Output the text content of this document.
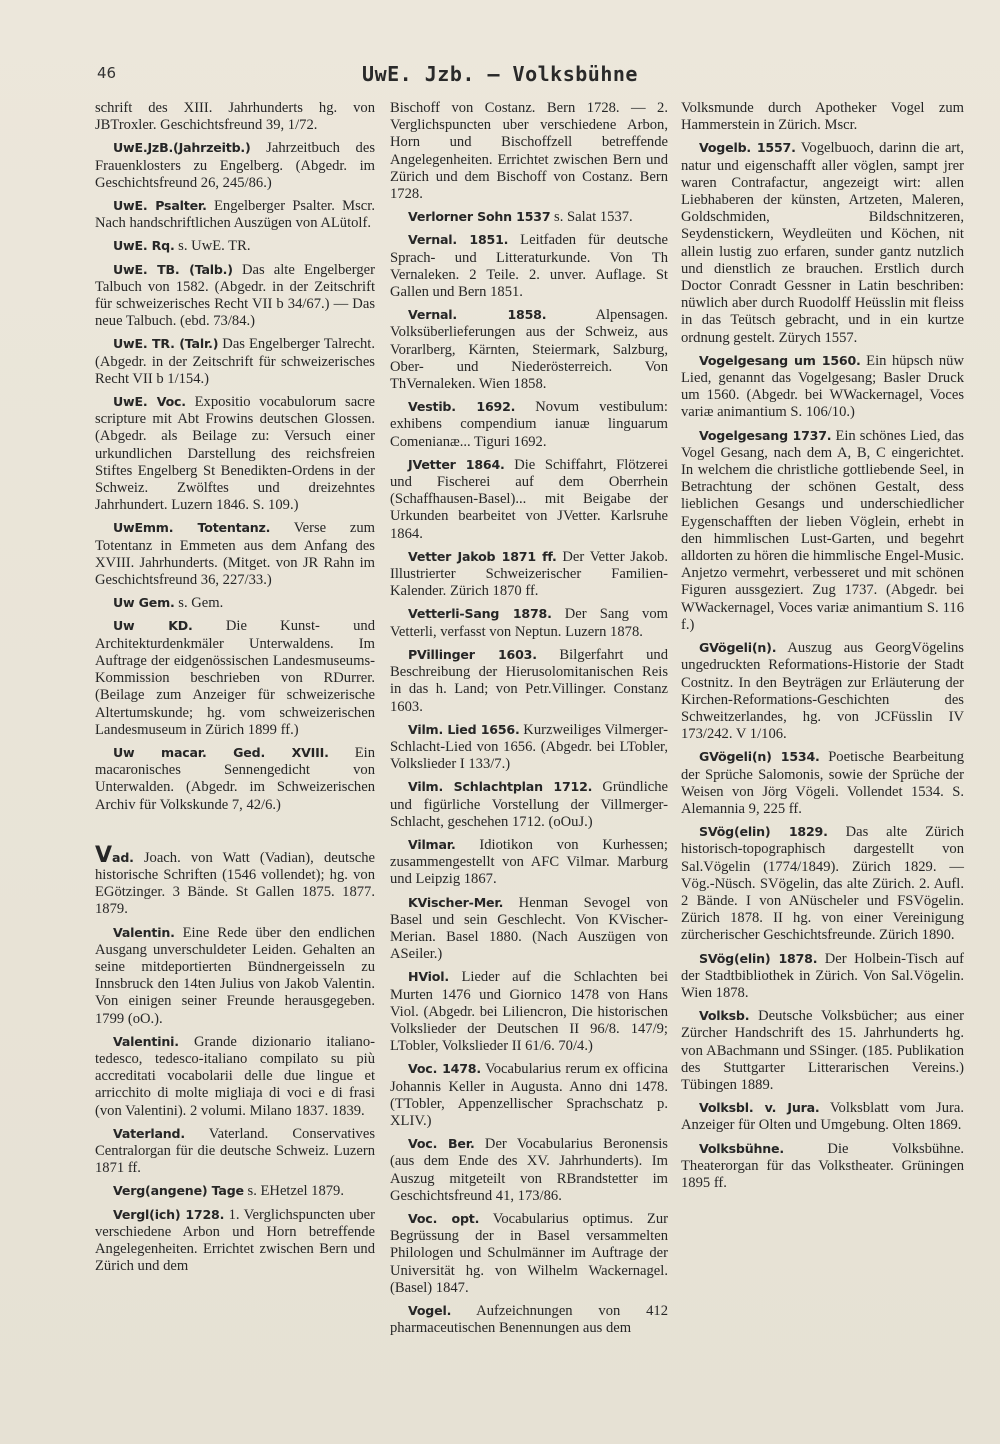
46	UwE. Jzb. — Volksbühne

schrift des XIII. Jahrhunderts hg. von JBTroxler. Geschichtsfreund 39, 1/72.

UwE.JzB.(Jahrzeitb.) Jahrzeitbuch des Frauenklosters zu Engelberg. (Abgedr. im Geschichtsfreund 26, 245/86.)

UwE. Psalter. Engelberger Psalter. Mscr. Nach handschriftlichen Auszügen von ALütolf.

UwE. Rq. s. UwE. TR.

UwE. TB. (Talb.) Das alte Engelberger Talbuch von 1582. (Abgedr. in der Zeitschrift für schweizerisches Recht VII b 34/67.) — Das neue Talbuch. (ebd. 73/84.)

UwE. TR. (Talr.) Das Engelberger Talrecht. (Abgedr. in der Zeitschrift für schweizerisches Recht VII b 1/154.)

UwE. Voc. Expositio vocabulorum sacre scripture mit Abt Frowins deutschen Glossen. (Abgedr. als Beilage zu: Versuch einer urkundlichen Darstellung des reichsfreien Stiftes Engelberg St Benedikten-Ordens in der Schweiz. Zwölftes und dreizehntes Jahrhundert. Luzern 1846. S. 109.)

UwEmm. Totentanz. Verse zum Totentanz in Emmeten aus dem Anfang des XVIII. Jahrhunderts. (Mitget. von JR Rahn im Geschichtsfreund 36, 227/33.)

Uw Gem. s. Gem.

Uw KD. Die Kunst- und Architekturdenkmäler Unterwaldens. Im Auftrage der eidgenössischen Landesmuseums-Kommission beschrieben von RDurrer. (Beilage zum Anzeiger für schweizerische Altertumskunde; hg. vom schweizerischen Landesmuseum in Zürich 1899 ff.)

Uw macar. Ged. XVIII. Ein macaronisches Sennengedicht von Unterwalden. (Abgedr. im Schweizerischen Archiv für Volkskunde 7, 42/6.)

Vad. Joach. von Watt (Vadian), deutsche historische Schriften (1546 vollendet); hg. von EGötzinger. 3 Bände. St Gallen 1875. 1877. 1879.

Valentin. Eine Rede über den endlichen Ausgang unverschuldeter Leiden. Gehalten an seine mitdeportierten Bündnergeisseln zu Innsbruck den 14ten Julius von Jakob Valentin. Von einigen seiner Freunde herausgegeben. 1799 (oO.).

Valentini. Grande dizionario italiano-tedesco, tedesco-italiano compilato su più accreditati vocabolarii delle due lingue et arricchito di molte migliaja di voci e di frasi (von Valentini). 2 volumi. Milano 1837. 1839.

Vaterland. Vaterland. Conservatives Centralorgan für die deutsche Schweiz. Luzern 1871 ff.

Verg(angene) Tage s. EHetzel 1879.

Vergl(ich) 1728. 1. Verglichspuncten uber verschiedene Arbon und Horn betreffende Angelegenheiten. Errichtet zwischen Bern und Zürich und dem

Bischoff von Costanz. Bern 1728. — 2. Verglichspuncten uber verschiedene Arbon, Horn und Bischoffzell betreffende Angelegenheiten. Errichtet zwischen Bern und Zürich und dem Bischoff von Costanz. Bern 1728.

Verlorner Sohn 1537 s. Salat 1537.

Vernal. 1851. Leitfaden für deutsche Sprach- und Litteraturkunde. Von Th Vernaleken. 2 Teile. 2. unver. Auflage. St Gallen und Bern 1851.

Vernal. 1858. Alpensagen. Volksüberlieferungen aus der Schweiz, aus Vorarlberg, Kärnten, Steiermark, Salzburg, Ober- und Niederösterreich. Von ThVernaleken. Wien 1858.

Vestib. 1692. Novum vestibulum: exhibens compendium ianuæ linguarum Comenianæ... Tiguri 1692.

JVetter 1864. Die Schiffahrt, Flötzerei und Fischerei auf dem Oberrhein (Schaffhausen-Basel)... mit Beigabe der Urkunden bearbeitet von JVetter. Karlsruhe 1864.

Vetter Jakob 1871 ff. Der Vetter Jakob. Illustrierter Schweizerischer Familien-Kalender. Zürich 1870 ff.

Vetterli-Sang 1878. Der Sang vom Vetterli, verfasst von Neptun. Luzern 1878.

PVillinger 1603. Bilgerfahrt und Beschreibung der Hierusolomitanischen Reis in das h. Land; von Petr.Villinger. Constanz 1603.

Vilm. Lied 1656. Kurzweiliges Vilmerger-Schlacht-Lied von 1656. (Abgedr. bei LTobler, Volkslieder I 133/7.)

Vilm. Schlachtplan 1712. Gründliche und figürliche Vorstellung der Villmerger-Schlacht, geschehen 1712. (oOuJ.)

Vilmar. Idiotikon von Kurhessen; zusammengestellt von AFC Vilmar. Marburg und Leipzig 1867.

KVischer-Mer. Henman Sevogel von Basel und sein Geschlecht. Von KVischer-Merian. Basel 1880. (Nach Auszügen von ASeiler.)

HViol. Lieder auf die Schlachten bei Murten 1476 und Giornico 1478 von Hans Viol. (Abgedr. bei Liliencron, Die historischen Volkslieder der Deutschen II 96/8. 147/9; LTobler, Volkslieder II 61/6. 70/4.)

Voc. 1478. Vocabularius rerum ex officina Johannis Keller in Augusta. Anno dni 1478. (TTobler, Appenzellischer Sprachschatz p. XLIV.)

Voc. Ber. Der Vocabularius Beronensis (aus dem Ende des XV. Jahrhunderts). Im Auszug mitgeteilt von RBrandstetter im Geschichtsfreund 41, 173/86.

Voc. opt. Vocabularius optimus. Zur Begrüssung der in Basel versammelten Philologen und Schulmänner im Auftrage der Universität hg. von Wilhelm Wackernagel. (Basel) 1847.

Vogel. Aufzeichnungen von 412 pharmaceutischen Benennungen aus dem

Volksmunde durch Apotheker Vogel zum Hammerstein in Zürich. Mscr.

Vogelb. 1557. Vogelbuoch, darinn die art, natur und eigenschafft aller vöglen, sampt jrer waren Contrafactur, angezeigt wirt: allen Liebhaberen der künsten, Artzeten, Maleren, Goldschmiden, Bildschnitzeren, Seydenstickern, Weydleüten und Köchen, nit allein lustig zuo erfaren, sunder gantz nutzlich und dienstlich ze brauchen. Erstlich durch Doctor Conradt Gessner in Latin beschriben: nüwlich aber durch Ruodolff Heüsslin mit fleiss in das Teütsch gebracht, und in ein kurtze ordnung gestelt. Zürych 1557.

Vogelgesang um 1560. Ein hüpsch nüw Lied, genannt das Vogelgesang; Basler Druck um 1560. (Abgedr. bei WWackernagel, Voces variæ animantium S. 106/10.)

Vogelgesang 1737. Ein schönes Lied, das Vogel Gesang, nach dem A, B, C eingerichtet. In welchem die christliche gottliebende Seel, in Betrachtung der schönen Gestalt, dess lieblichen Gesangs und underschiedlicher Eygenschafften der lieben Vöglein, erhebt in den himmlischen Lust-Garten, und begehrt alldorten zu hören die himmlische Engel-Music. Anjetzo vermehrt, verbesseret und mit schönen Figuren aussgeziert. Zug 1737. (Abgedr. bei WWackernagel, Voces variæ animantium S. 116 f.)

GVögeli(n). Auszug aus GeorgVögelins ungedruckten Reformations-Historie der Stadt Costnitz. In den Beyträgen zur Erläuterung der Kirchen-Reformations-Geschichten des Schweitzerlandes, hg. von JCFüsslin IV 173/242. V 1/106.

GVögeli(n) 1534. Poetische Bearbeitung der Sprüche Salomonis, sowie der Sprüche der Weisen von Jörg Vögeli. Vollendet 1534. S. Alemannia 9, 225 ff.

SVög(elin) 1829. Das alte Zürich historisch-topographisch dargestellt von Sal.Vögelin (1774/1849). Zürich 1829. — Vög.-Nüsch. SVögelin, das alte Zürich. 2. Aufl. 2 Bände. I von ANüscheler und FSVögelin. Zürich 1878. II hg. von einer Vereinigung zürcherischer Geschichtsfreunde. Zürich 1890.

SVög(elin) 1878. Der Holbein-Tisch auf der Stadtbibliothek in Zürich. Von Sal.Vögelin. Wien 1878.

Volksb. Deutsche Volksbücher; aus einer Zürcher Handschrift des 15. Jahrhunderts hg. von ABachmann und SSinger. (185. Publikation des Stuttgarter Litterarischen Vereins.) Tübingen 1889.

Volksbl. v. Jura. Volksblatt vom Jura. Anzeiger für Olten und Umgebung. Olten 1869.

Volksbühne. Die Volksbühne. Theaterorgan für das Volkstheater. Grüningen 1895 ff.
